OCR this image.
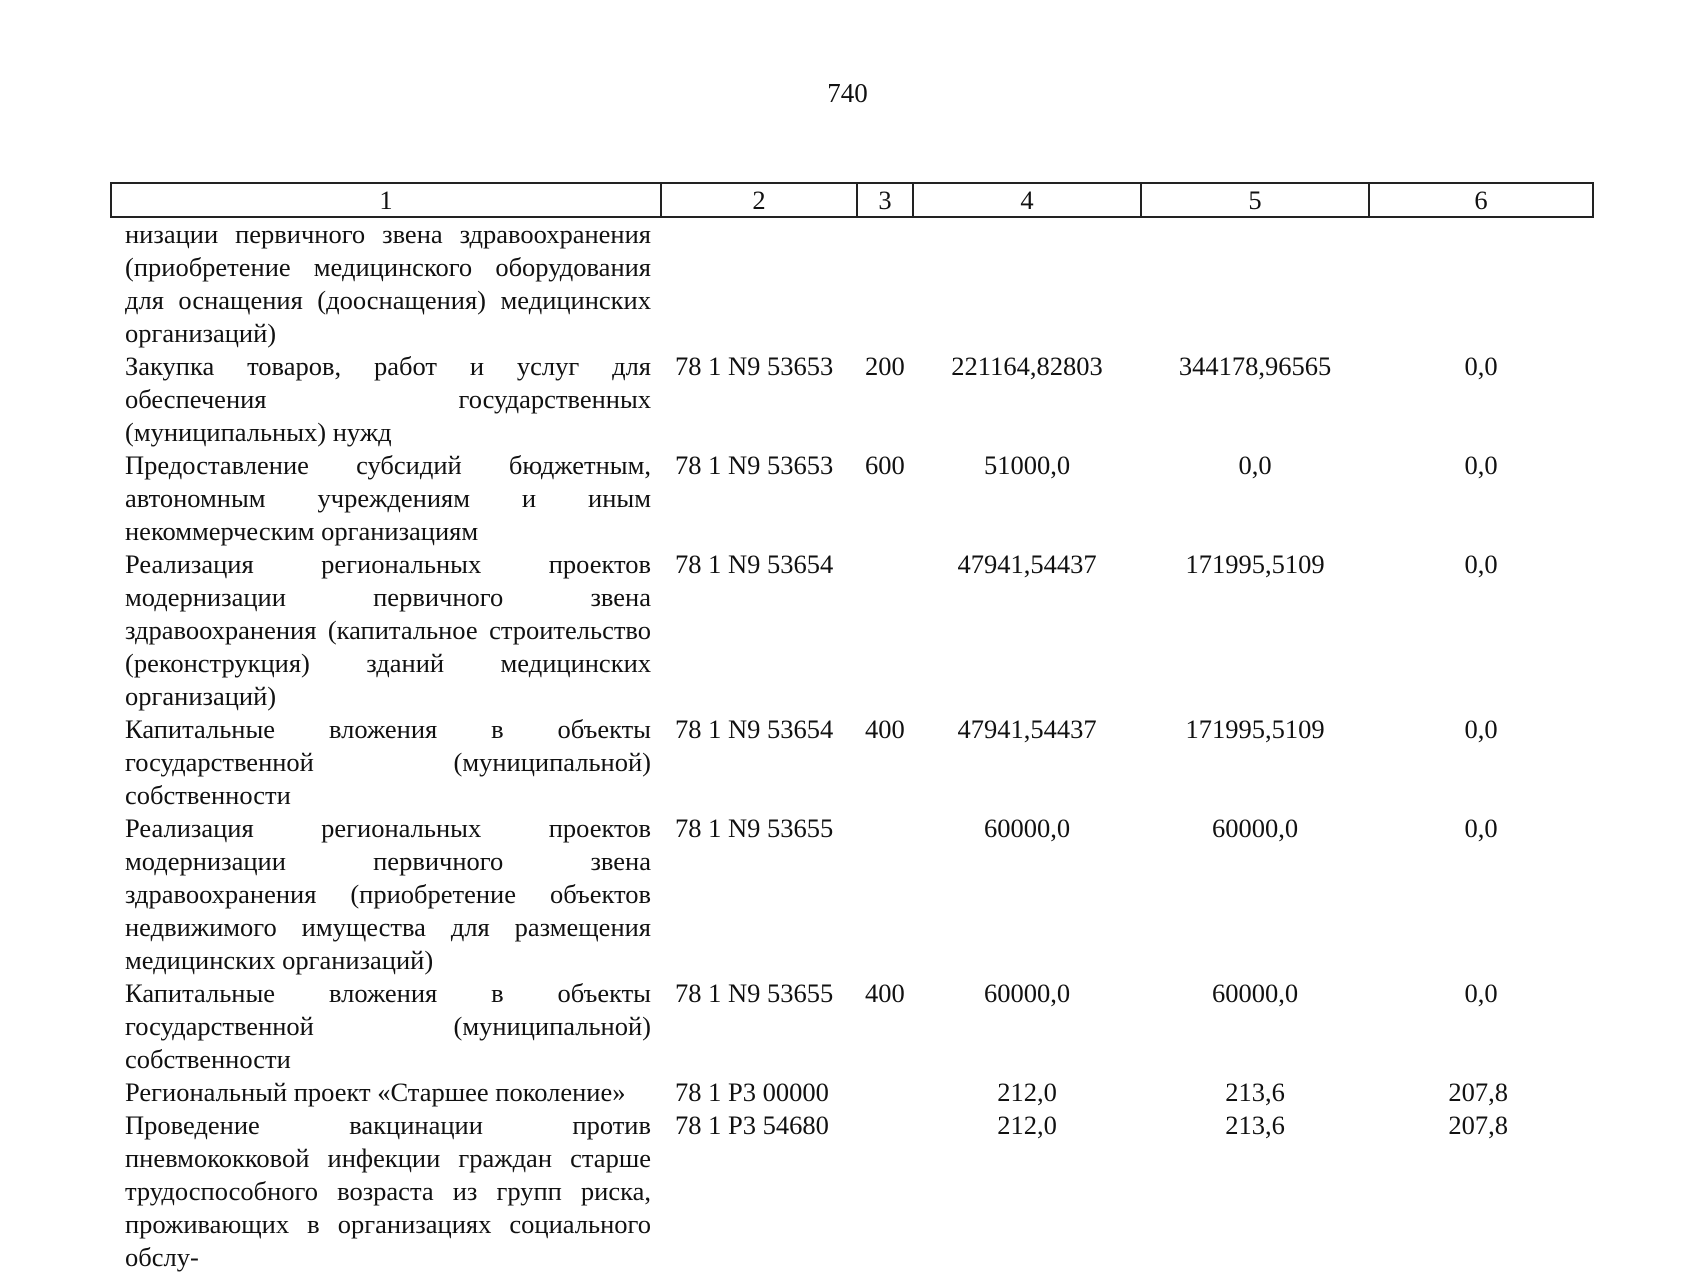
740
1	2	3	4	5	6
низации первичного звена здравоохранения (приобретение медицинского оборудования для оснащения (дооснащения) медицинских организаций)					
Закупка товаров, работ и услуг для обеспечения государственных (муниципальных) нужд	78 1 N9 53653	200	221164,82803	344178,96565	0,0
Предоставление субсидий бюджетным, автономным учреждениям и иным некоммерческим организациям	78 1 N9 53653	600	51000,0	0,0	0,0
Реализация региональных проектов модернизации первичного звена здравоохранения (капитальное строительство (реконструкция) зданий медицинских организаций)	78 1 N9 53654		47941,54437	171995,5109	0,0
Капитальные вложения в объекты государственной (муниципальной) собственности	78 1 N9 53654	400	47941,54437	171995,5109	0,0
Реализация региональных проектов модернизации первичного звена здравоохранения (приобретение объектов недвижимого имущества для размещения медицинских организаций)	78 1 N9 53655		60000,0	60000,0	0,0
Капитальные вложения в объекты государственной (муниципальной) собственности	78 1 N9 53655	400	60000,0	60000,0	0,0
Региональный проект «Старшее поколение»	78 1 P3 00000		212,0	213,6	207,8
Проведение вакцинации против пневмококковой инфекции граждан старше трудоспособного возраста из групп риска, проживающих в организациях социального обслу-	78 1 P3 54680		212,0	213,6	207,8
